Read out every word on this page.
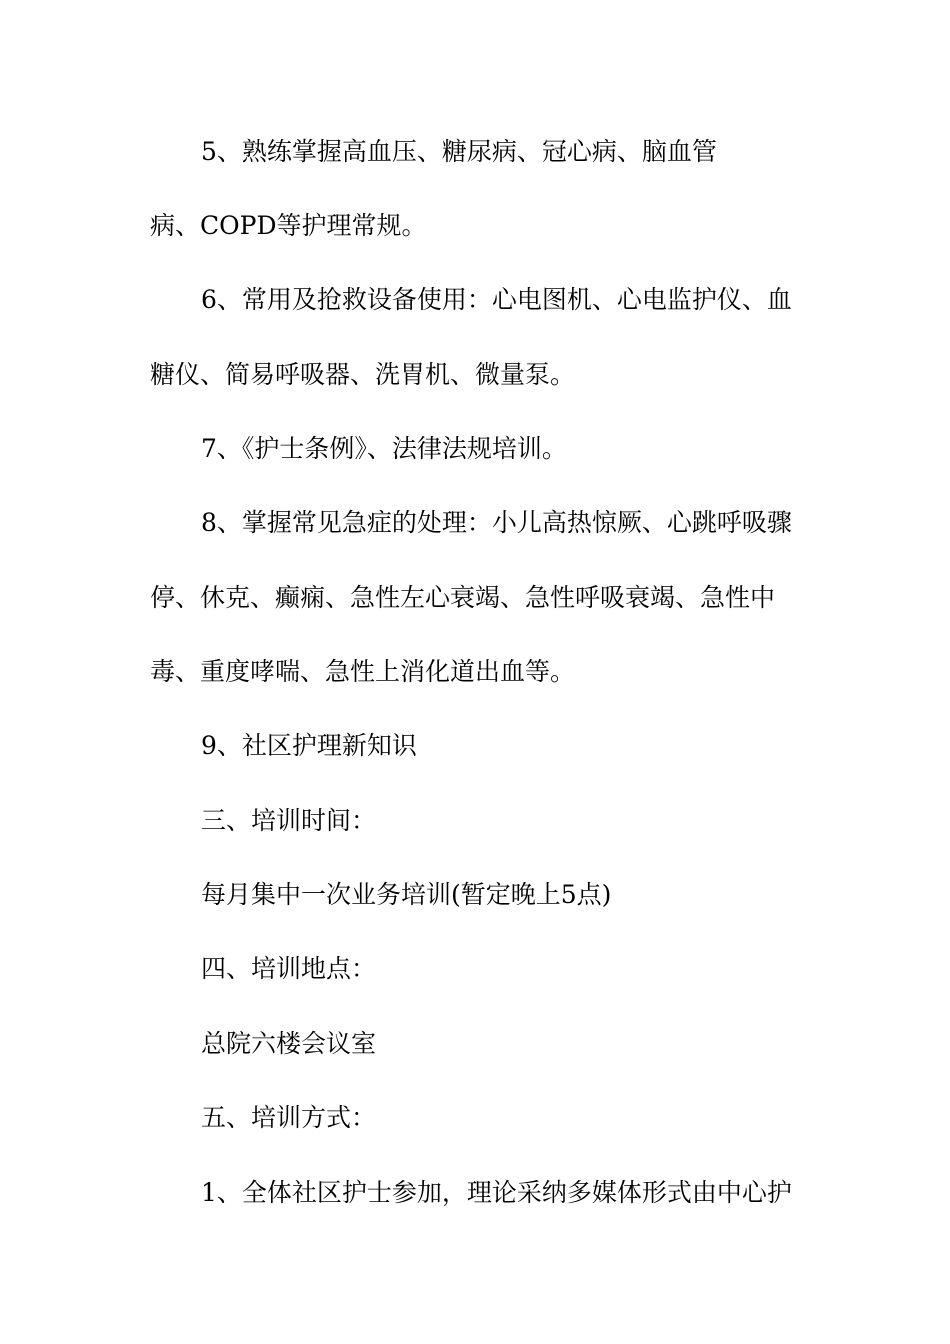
5、熟练掌握高血压、糖尿病、冠心病、脑血管
病、COPD等护理常规。
6、常用及抢救设备使用：心电图机、心电监护仪、血
糖仪、简易呼吸器、洗胃机、微量泵。
7、《护士条例》、法律法规培训。
8、掌握常见急症的处理：小儿高热惊厥、心跳呼吸骤
停、休克、癫痫、急性左心衰竭、急性呼吸衰竭、急性中
毒、重度哮喘、急性上消化道出血等。
9、社区护理新知识
三、培训时间：
每月集中一次业务培训(暂定晚上5点)
四、培训地点：
总院六楼会议室
五、培训方式：
1、全体社区护士参加，理论采纳多媒体形式由中心护
